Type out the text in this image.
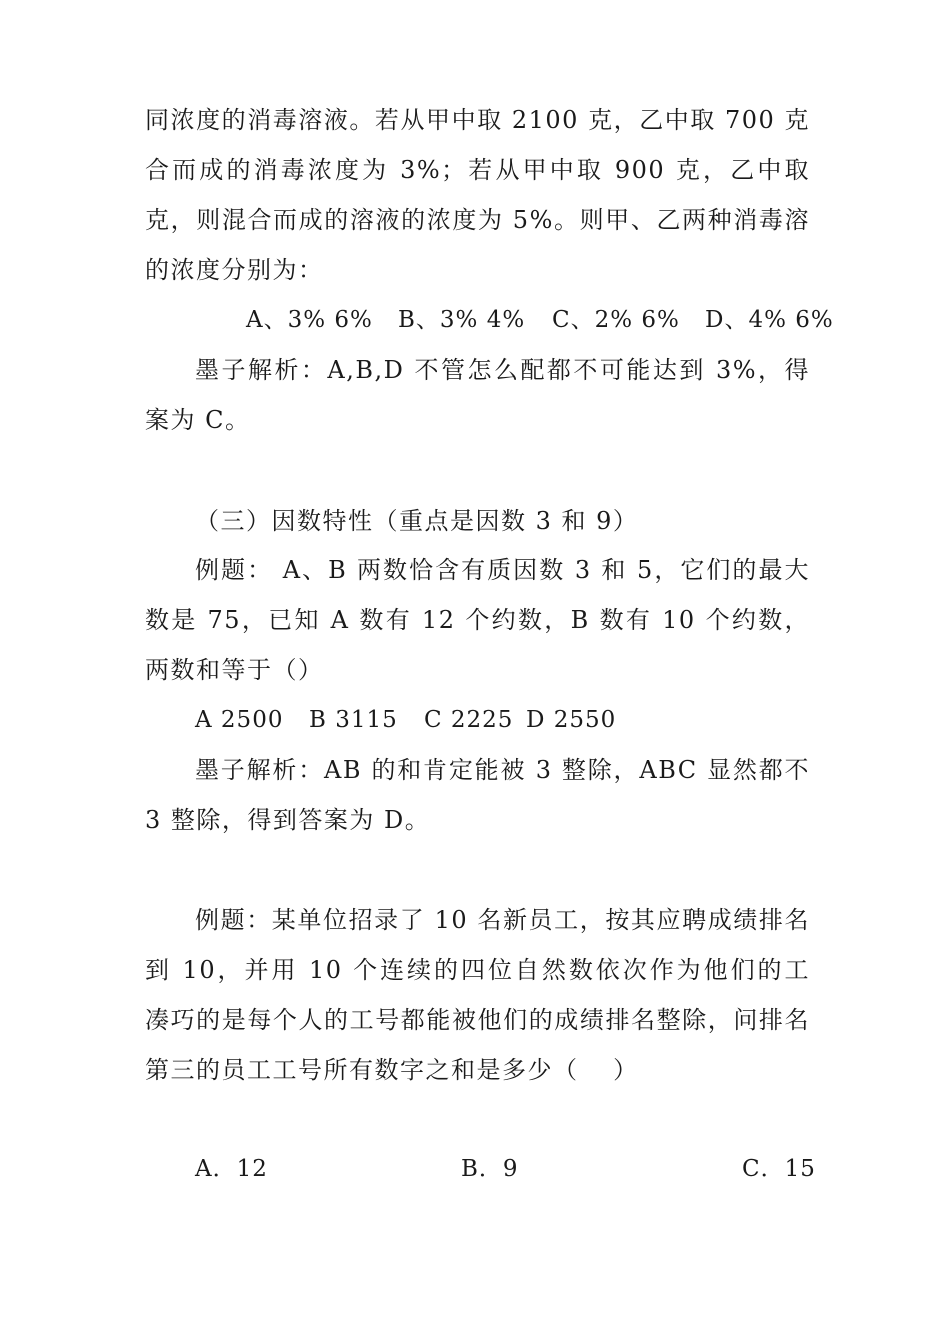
同浓度的消毒溶液。若从甲中取 2100 克，乙中取 700 克
合而成的消毒浓度为 3%；若从甲中取 900 克，乙中取
克，则混合而成的溶液的浓度为 5%。则甲、乙两种消毒溶
的浓度分别为：
A、3% 6% B、3% 4% C、2% 6% D、4% 6%
墨子解析：A,B,D 不管怎么配都不可能达到 3%，得
案为 C。
（三）因数特性（重点是因数 3 和 9）
例题： A、B 两数恰含有质因数 3 和 5，它们的最大
数是 75，已知 A 数有 12 个约数，B 数有 10 个约数，
两数和等于（）
A 2500 B 3115 C 2225 D 2550
墨子解析：AB 的和肯定能被 3 整除，ABC 显然都不
3 整除，得到答案为 D。
例题：某单位招录了 10 名新员工，按其应聘成绩排名
到 10，并用 10 个连续的四位自然数依次作为他们的工
凑巧的是每个人的工号都能被他们的成绩排名整除，问排名
第三的员工工号所有数字之和是多少（　 ）
A．12	B．9	C．15
